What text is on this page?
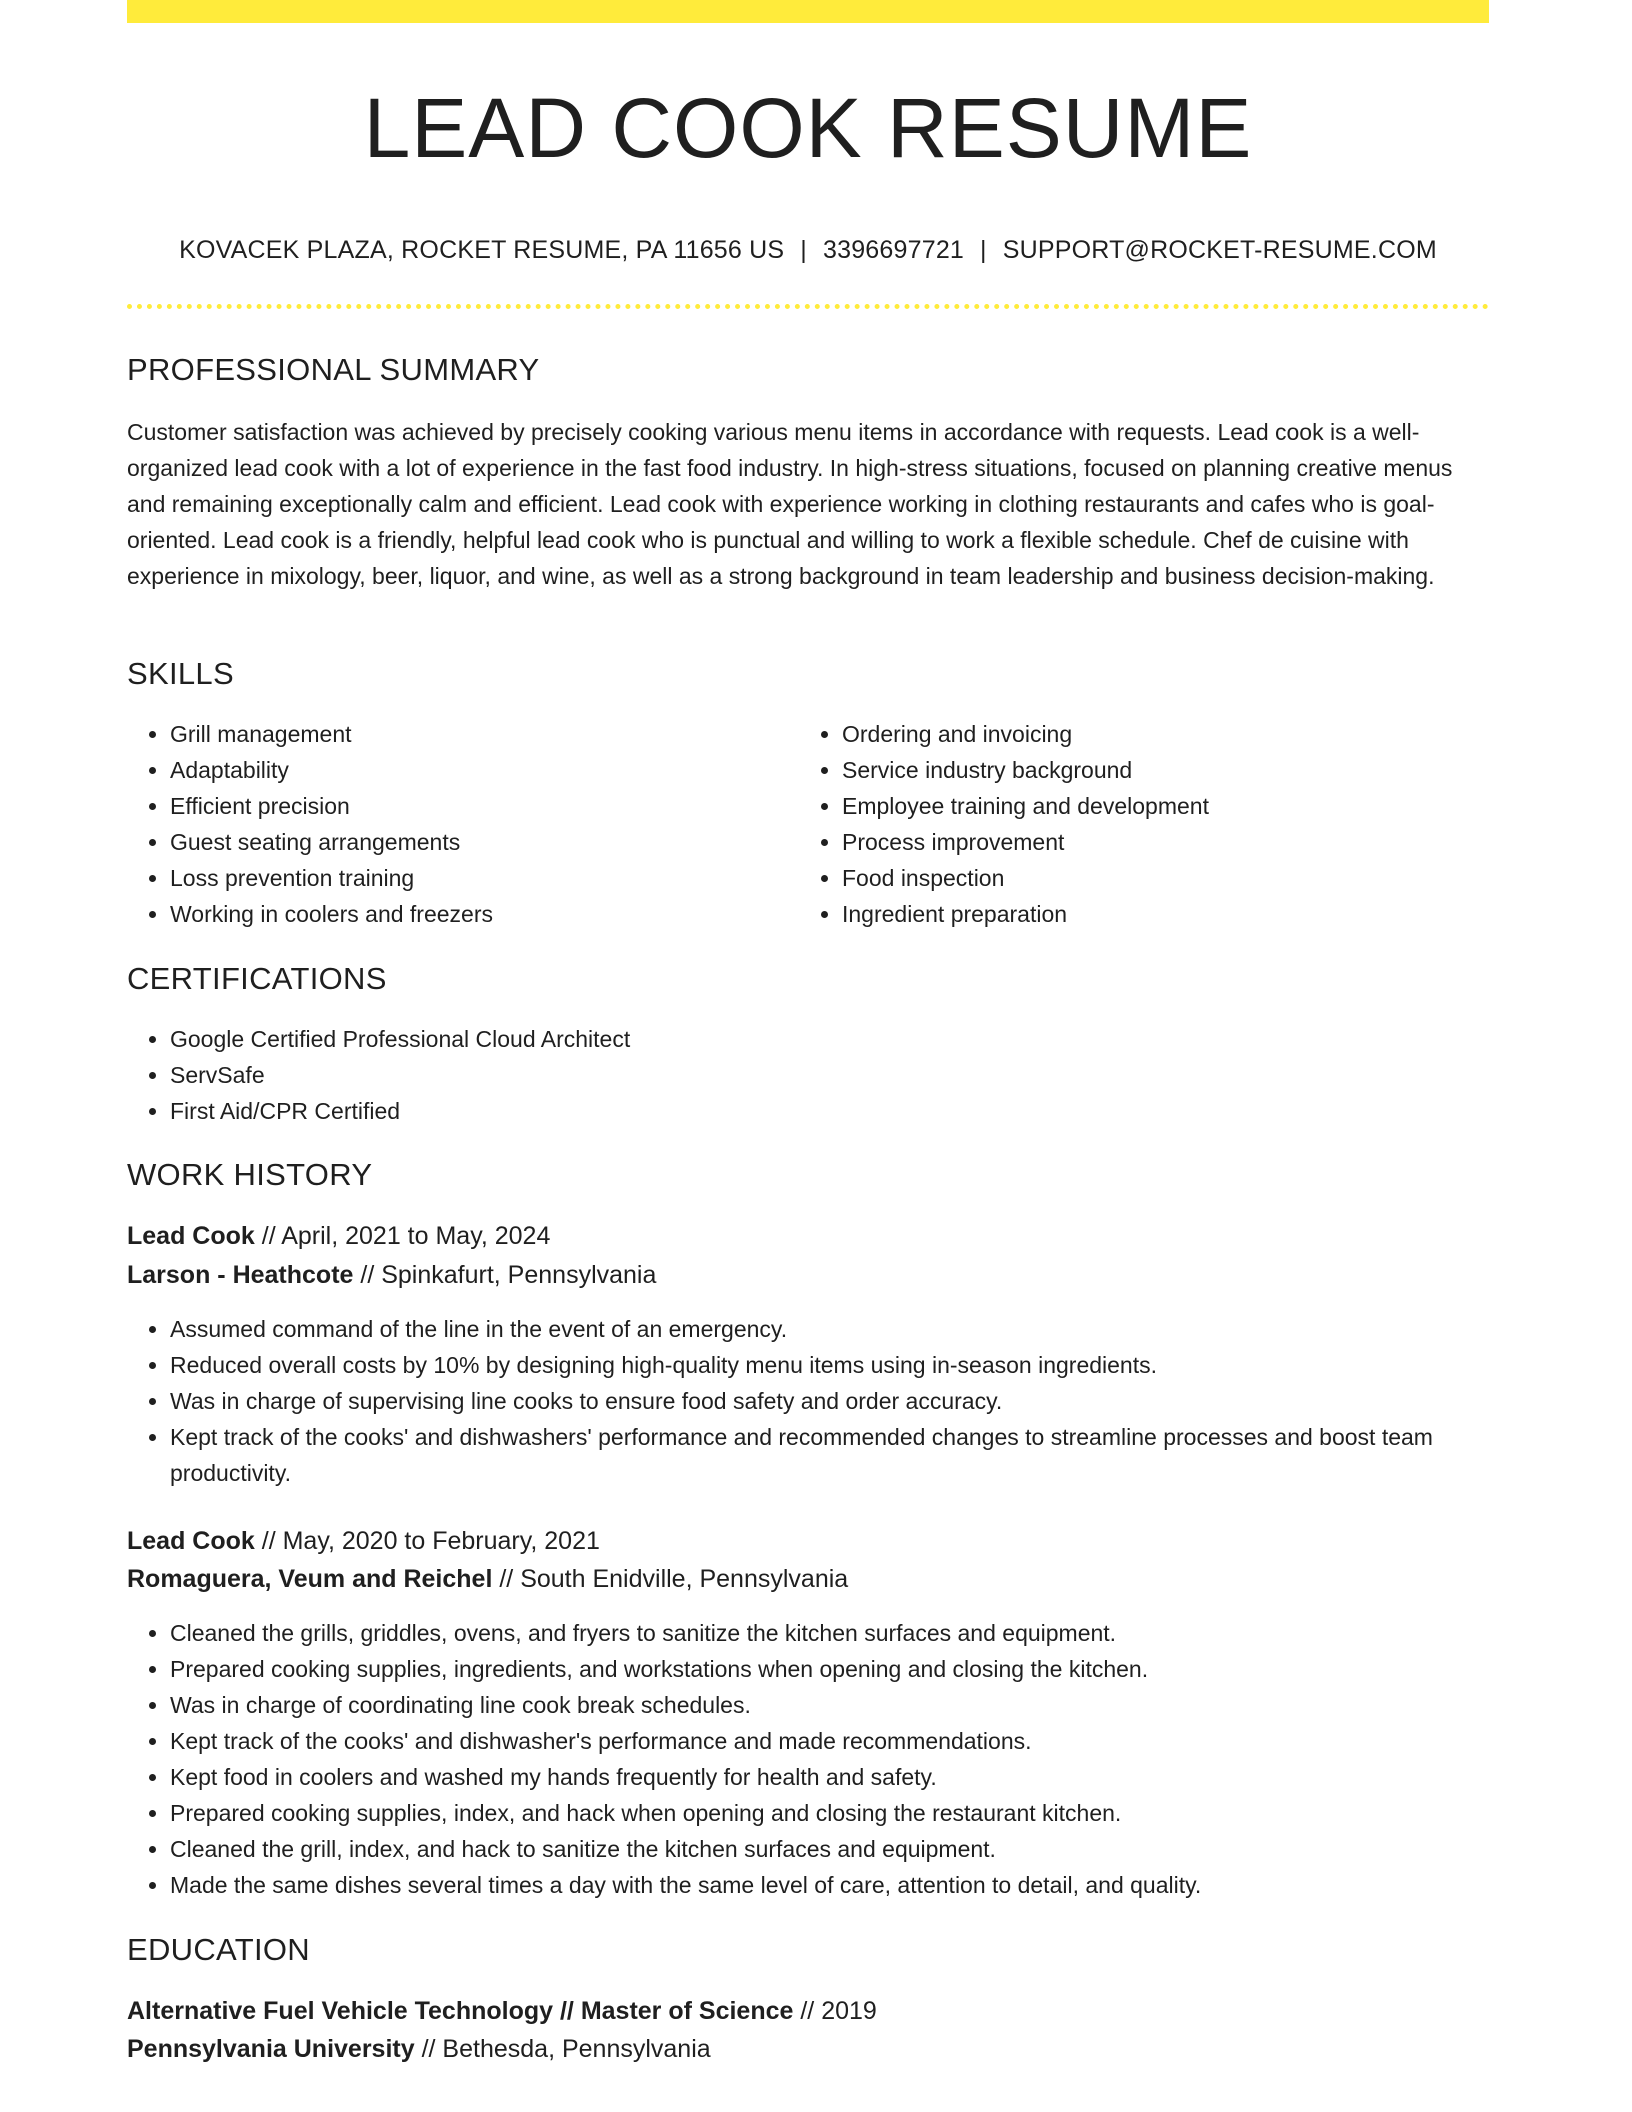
LEAD COOK RESUME
KOVACEK PLAZA, ROCKET RESUME, PA 11656 US | 3396697721 | SUPPORT@ROCKET-RESUME.COM
PROFESSIONAL SUMMARY

Customer satisfaction was achieved by precisely cooking various menu items in accordance with requests. Lead cook is a well-organized lead cook with a lot of experience in the fast food industry. In high-stress situations, focused on planning creative menus and remaining exceptionally calm and efficient. Lead cook with experience working in clothing restaurants and cafes who is goal-oriented. Lead cook is a friendly, helpful lead cook who is punctual and willing to work a flexible schedule. Chef de cuisine with experience in mixology, beer, liquor, and wine, as well as a strong background in team leadership and business decision-making.

SKILLS
• Grill management
• Adaptability
• Efficient precision
• Guest seating arrangements
• Loss prevention training
• Working in coolers and freezers
• Ordering and invoicing
• Service industry background
• Employee training and development
• Process improvement
• Food inspection
• Ingredient preparation
CERTIFICATIONS
• Google Certified Professional Cloud Architect
• ServSafe
• First Aid/CPR Certified
WORK HISTORY
Lead Cook // April, 2021 to May, 2024
Larson - Heathcote // Spinkafurt, Pennsylvania
• Assumed command of the line in the event of an emergency.
• Reduced overall costs by 10% by designing high-quality menu items using in-season ingredients.
• Was in charge of supervising line cooks to ensure food safety and order accuracy.
• Kept track of the cooks' and dishwashers' performance and recommended changes to streamline processes and boost team productivity.
Lead Cook // May, 2020 to February, 2021
Romaguera, Veum and Reichel // South Enidville, Pennsylvania
• Cleaned the grills, griddles, ovens, and fryers to sanitize the kitchen surfaces and equipment.
• Prepared cooking supplies, ingredients, and workstations when opening and closing the kitchen.
• Was in charge of coordinating line cook break schedules.
• Kept track of the cooks' and dishwasher's performance and made recommendations.
• Kept food in coolers and washed my hands frequently for health and safety.
• Prepared cooking supplies, index, and hack when opening and closing the restaurant kitchen.
• Cleaned the grill, index, and hack to sanitize the kitchen surfaces and equipment.
• Made the same dishes several times a day with the same level of care, attention to detail, and quality.
EDUCATION
Alternative Fuel Vehicle Technology // Master of Science // 2019
Pennsylvania University // Bethesda, Pennsylvania
